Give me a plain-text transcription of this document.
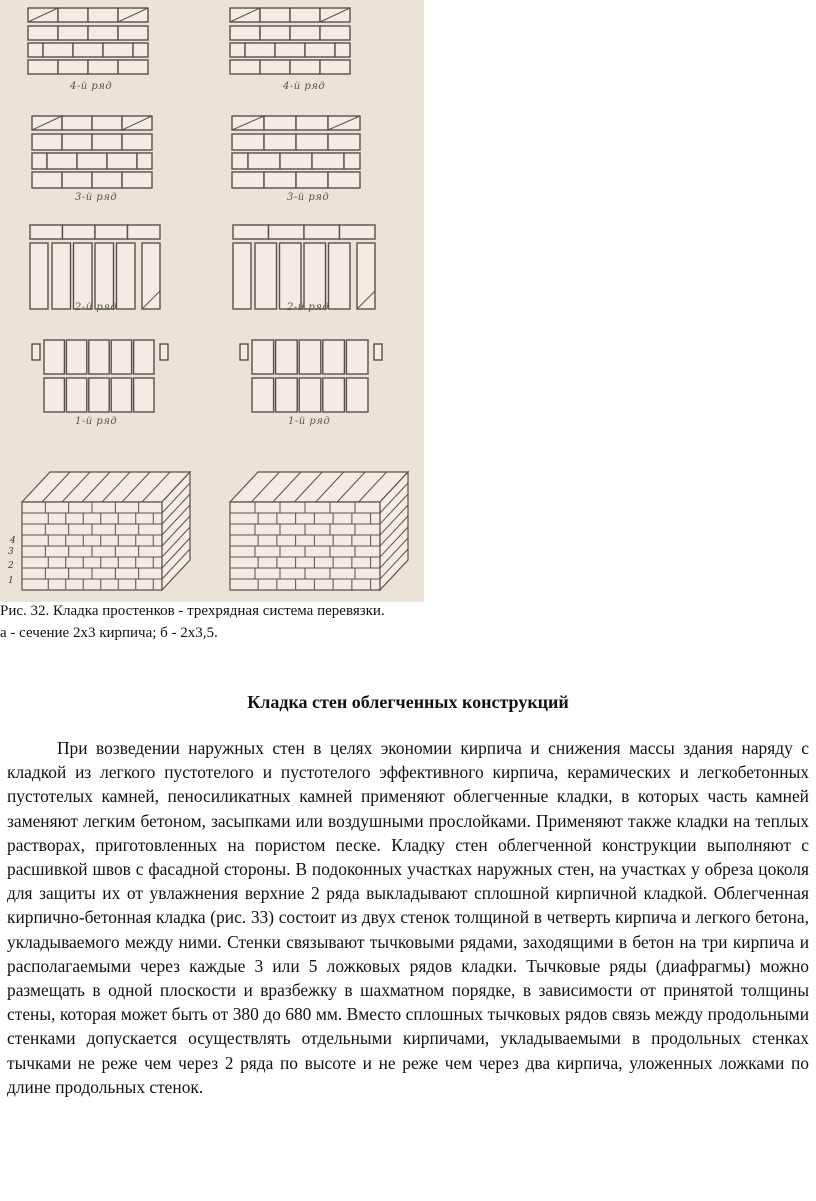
4-й ряд	4-й ряд
3-й ряд	3-й ряд
2-й ряд	2-й ряд
1-й ряд	1-й ряд
4
3
2
1
Рис. 32. Кладка простенков - трехрядная система перевязки.
а - сечение 2х3 кирпича; б - 2х3,5.
Кладка стен облегченных конструкций

При возведении наружных стен в целях экономии кирпича и снижения массы здания наряду с кладкой из легкого пустотелого и пустотелого эффективного кирпича, керамических и легкобетонных пустотелых камней, пеносиликатных камней применяют облегченные кладки, в которых часть камней заменяют легким бетоном, засыпками или воздушными прослойками. Применяют также кладки на теплых растворах, приготовленных на пористом песке. Кладку стен облегченной конструкции выполняют с расшивкой швов с фасадной стороны. В подоконных участках наружных стен, на участках у обреза цоколя для защиты их от увлажнения верхние 2 ряда выкладывают сплошной кирпичной кладкой. Облегченная кирпично-бетонная кладка (рис. 33) состоит из двух стенок толщиной в четверть кирпича и легкого бетона, укладываемого между ними. Стенки связывают тычковыми рядами, заходящими в бетон на три кирпича и располагаемыми через каждые 3 или 5 ложковых рядов кладки. Тычковые ряды (диафрагмы) можно размещать в одной плоскости и вразбежку в шахматном порядке, в зависимости от принятой толщины стены, которая может быть от 380 до 680 мм. Вместо сплошных тычковых рядов связь между продольными стенками допускается осуществлять отдельными кирпичами, укладываемыми в продольных стенках тычками не реже чем через 2 ряда по высоте и не реже чем через два кирпича, уложенных ложками по длине продольных стенок.
